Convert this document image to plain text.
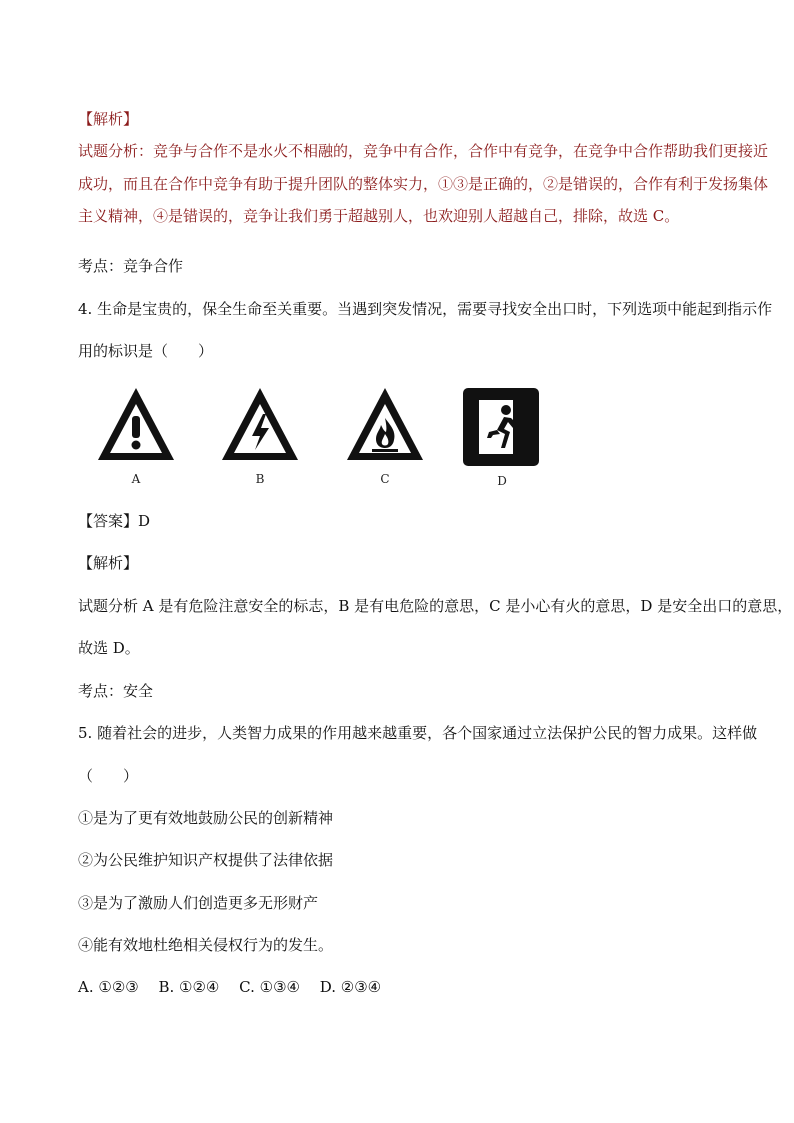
【解析】
试题分析：竞争与合作不是水火不相融的，竞争中有合作，合作中有竞争，在竞争中合作帮助我们更接近
成功，而且在合作中竞争有助于提升团队的整体实力，①③是正确的，②是错误的，合作有利于发扬集体
主义精神，④是错误的，竞争让我们勇于超越别人，也欢迎别人超越自己，排除，故选 C。
考点：竞争合作
4. 生命是宝贵的，保全生命至关重要。当遇到突发情况，需要寻找安全出口时，下列选项中能起到指示作
用的标识是（　　）
A	B	C	D
【答案】D
【解析】
试题分析 A 是有危险注意安全的标志，B 是有电危险的意思，C 是小心有火的意思，D 是安全出口的意思，
故选 D。
考点：安全
5. 随着社会的进步，人类智力成果的作用越来越重要，各个国家通过立法保护公民的智力成果。这样做
（　　）
①是为了更有效地鼓励公民的创新精神
②为公民维护知识产权提供了法律依据
③是为了激励人们创造更多无形财产
④能有效地杜绝相关侵权行为的发生。
A. ①②③　 B. ①②④　 C. ①③④　 D. ②③④
